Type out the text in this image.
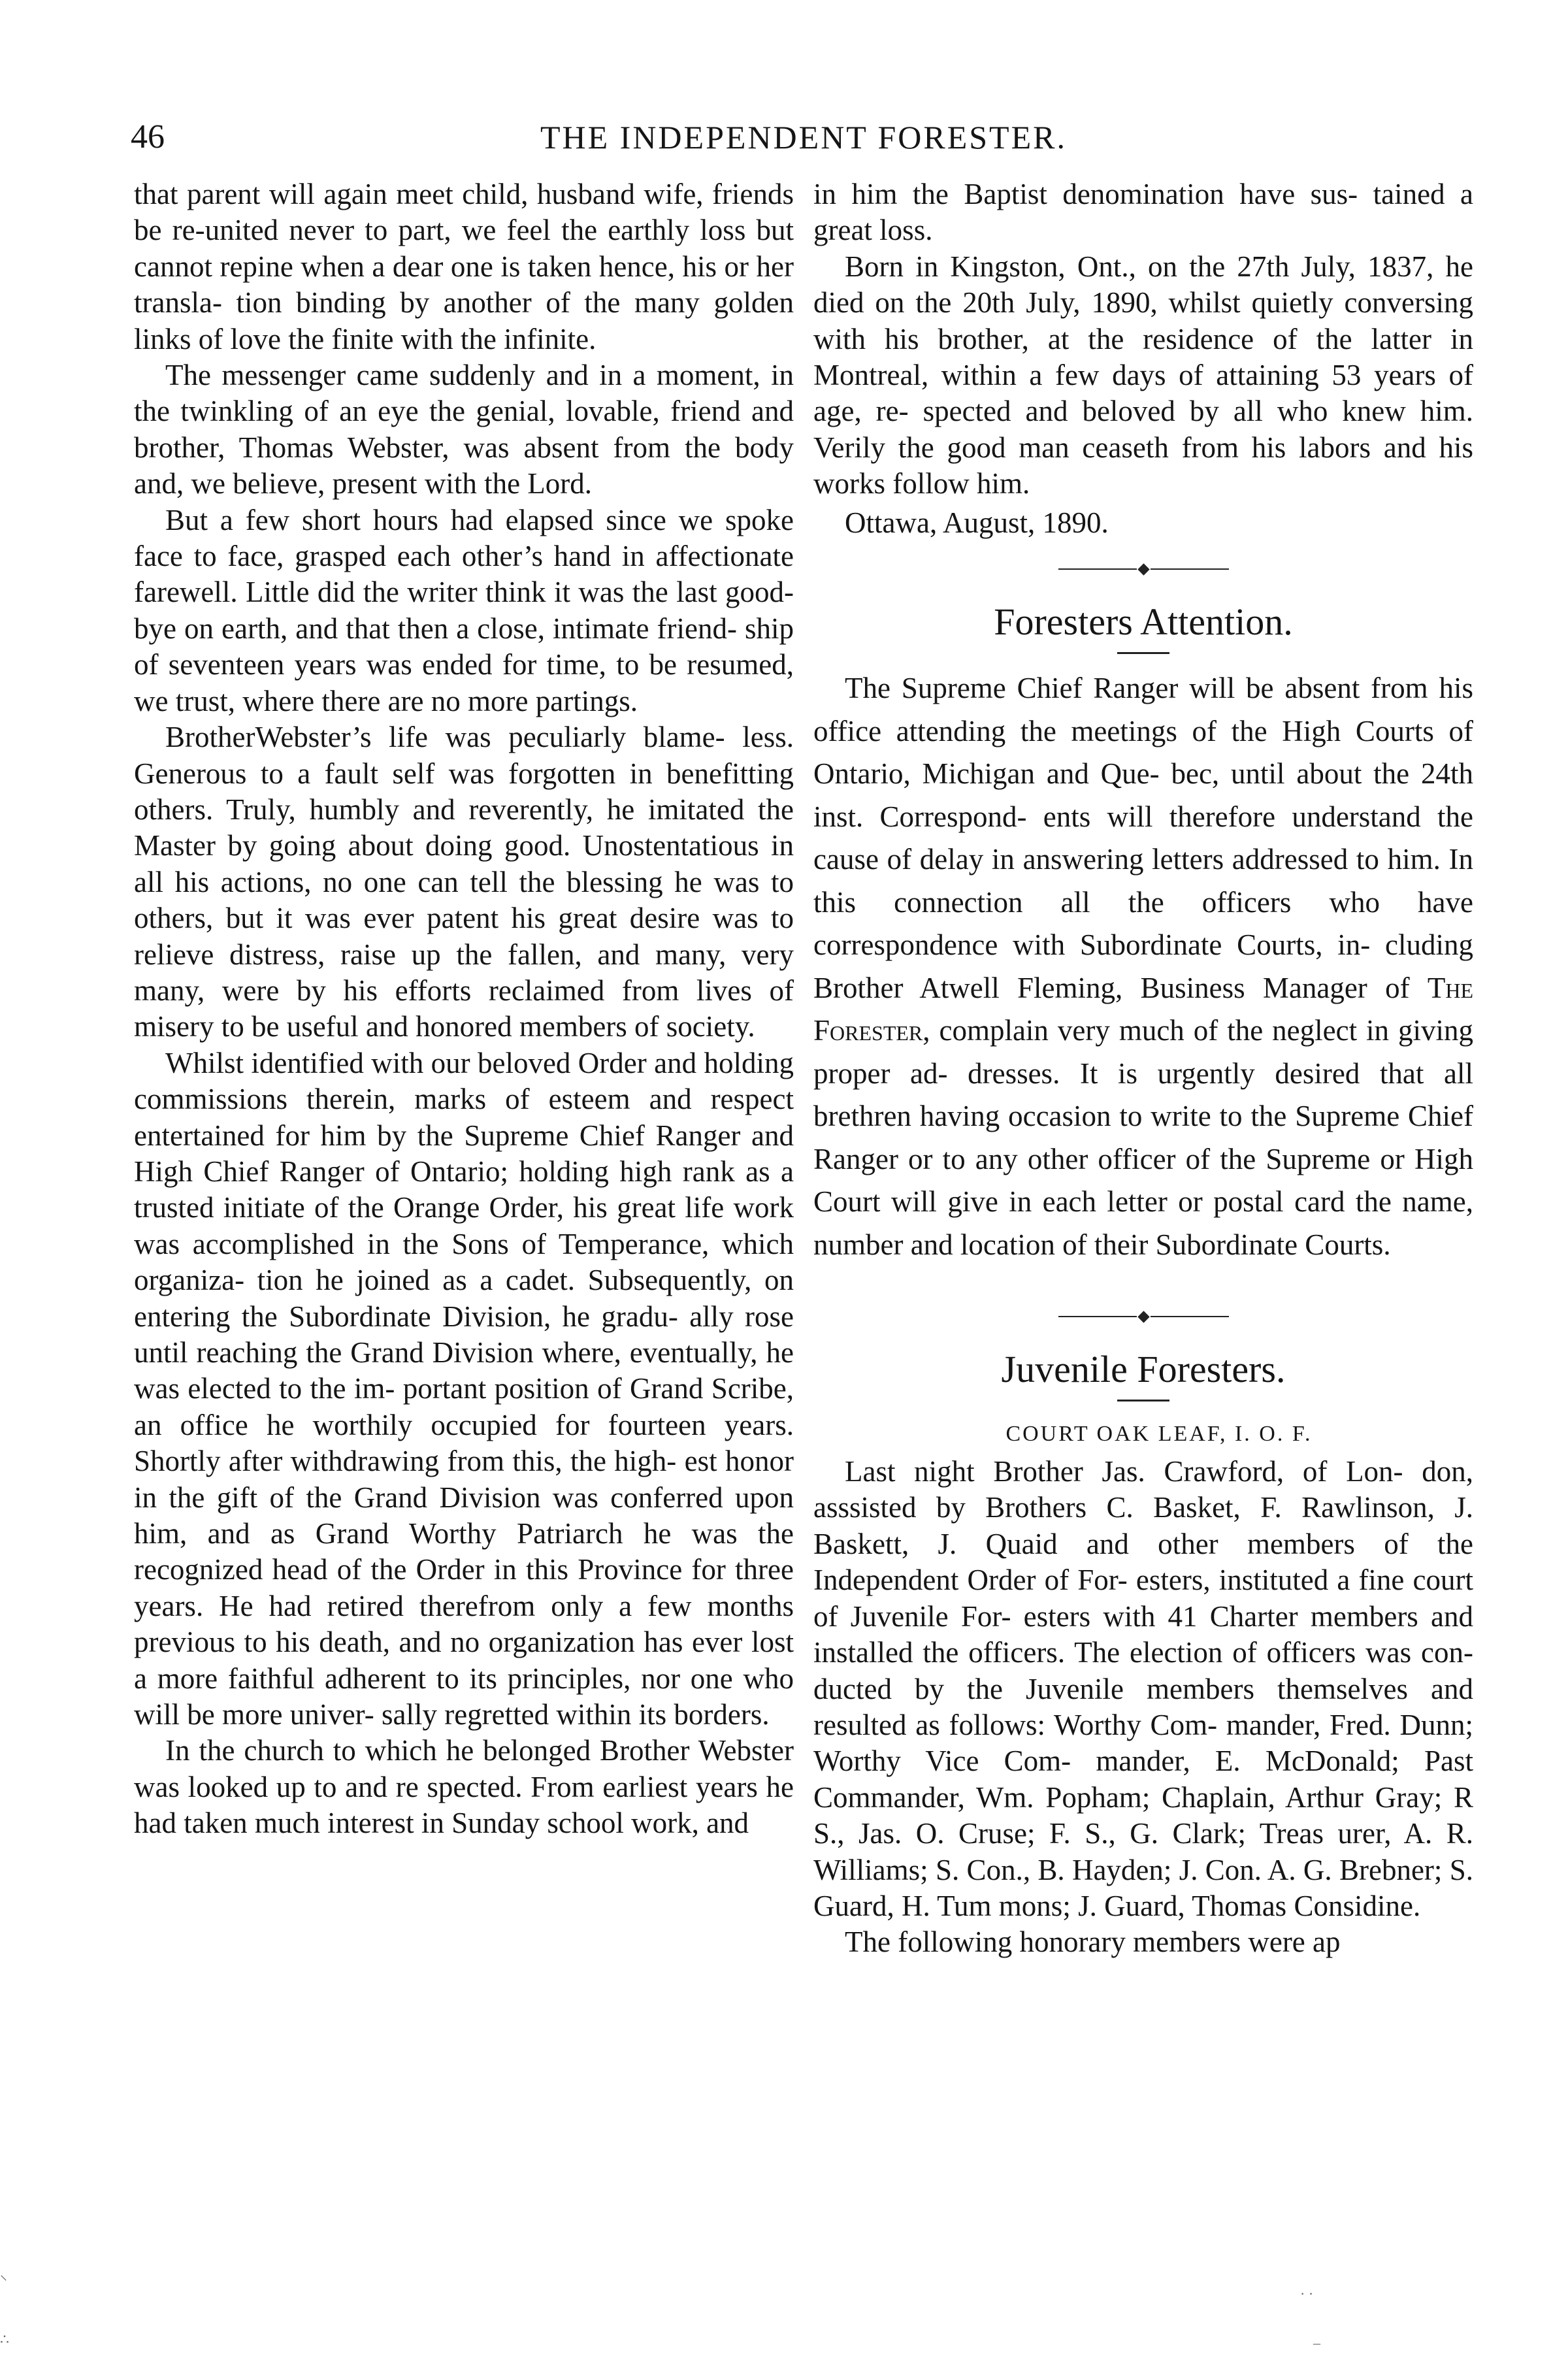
46	THE INDEPENDENT FORESTER.

that parent will again meet child, husband wife, friends be re-united never to part, we feel the earthly loss but cannot repine when a dear one is taken hence, his or her transla- tion binding by another of the many golden links of love the finite with the infinite.

The messenger came suddenly and in a moment, in the twinkling of an eye the genial, lovable, friend and brother, Thomas Webster, was absent from the body and, we believe, present with the Lord.

But a few short hours had elapsed since we spoke face to face, grasped each other’s hand in affectionate farewell. Little did the writer think it was the last good-bye on earth, and that then a close, intimate friend- ship of seventeen years was ended for time, to be resumed, we trust, where there are no more partings.

BrotherWebster’s life was peculiarly blame- less. Generous to a fault self was forgotten in benefitting others. Truly, humbly and reverently, he imitated the Master by going about doing good. Unostentatious in all his actions, no one can tell the blessing he was to others, but it was ever patent his great desire was to relieve distress, raise up the fallen, and many, very many, were by his efforts reclaimed from lives of misery to be useful and honored members of society.

Whilst identified with our beloved Order and holding commissions therein, marks of esteem and respect entertained for him by the Supreme Chief Ranger and High Chief Ranger of Ontario; holding high rank as a trusted initiate of the Orange Order, his great life work was accomplished in the Sons of Temperance, which organiza- tion he joined as a cadet. Subsequently, on entering the Subordinate Division, he gradu- ally rose until reaching the Grand Division where, eventually, he was elected to the im- portant position of Grand Scribe, an office he worthily occupied for fourteen years. Shortly after withdrawing from this, the high- est honor in the gift of the Grand Division was conferred upon him, and as Grand Worthy Patriarch he was the recognized head of the Order in this Province for three years. He had retired therefrom only a few months previous to his death, and no organization has ever lost a more faithful adherent to its principles, nor one who will be more univer- sally regretted within its borders.

In the church to which he belonged Brother Webster was looked up to and re spected. From earliest years he had taken much interest in Sunday school work, and

in him the Baptist denomination have sus- tained a great loss.

Born in Kingston, Ont., on the 27th July, 1837, he died on the 20th July, 1890, whilst quietly conversing with his brother, at the residence of the latter in Montreal, within a few days of attaining 53 years of age, re- spected and beloved by all who knew him. Verily the good man ceaseth from his labors and his works follow him.

Ottawa, August, 1890.

Foresters Attention.

The Supreme Chief Ranger will be absent from his office attending the meetings of the High Courts of Ontario, Michigan and Que- bec, until about the 24th inst. Correspond- ents will therefore understand the cause of delay in answering letters addressed to him. In this connection all the officers who have correspondence with Subordinate Courts, in- cluding Brother Atwell Fleming, Business Manager of The Forester, complain very much of the neglect in giving proper ad- dresses. It is urgently desired that all brethren having occasion to write to the Supreme Chief Ranger or to any other officer of the Supreme or High Court will give in each letter or postal card the name, number and location of their Subordinate Courts.

Juvenile Foresters.

COURT OAK LEAF, I. O. F.

Last night Brother Jas. Crawford, of Lon- don, asssisted by Brothers C. Basket, F. Rawlinson, J. Baskett, J. Quaid and other members of the Independent Order of For- esters, instituted a fine court of Juvenile For- esters with 41 Charter members and installed the officers. The election of officers was con- ducted by the Juvenile members themselves and resulted as follows: Worthy Com- mander, Fred. Dunn; Worthy Vice Com- mander, E. McDonald; Past Commander, Wm. Popham; Chaplain, Arthur Gray; R S., Jas. O. Cruse; F. S., G. Clark; Treas urer, A. R. Williams; S. Con., B. Hayden; J. Con. A. G. Brebner; S. Guard, H. Tum mons; J. Guard, Thomas Considine.

The following honorary members were ap

· ·
–
⸌
∴
